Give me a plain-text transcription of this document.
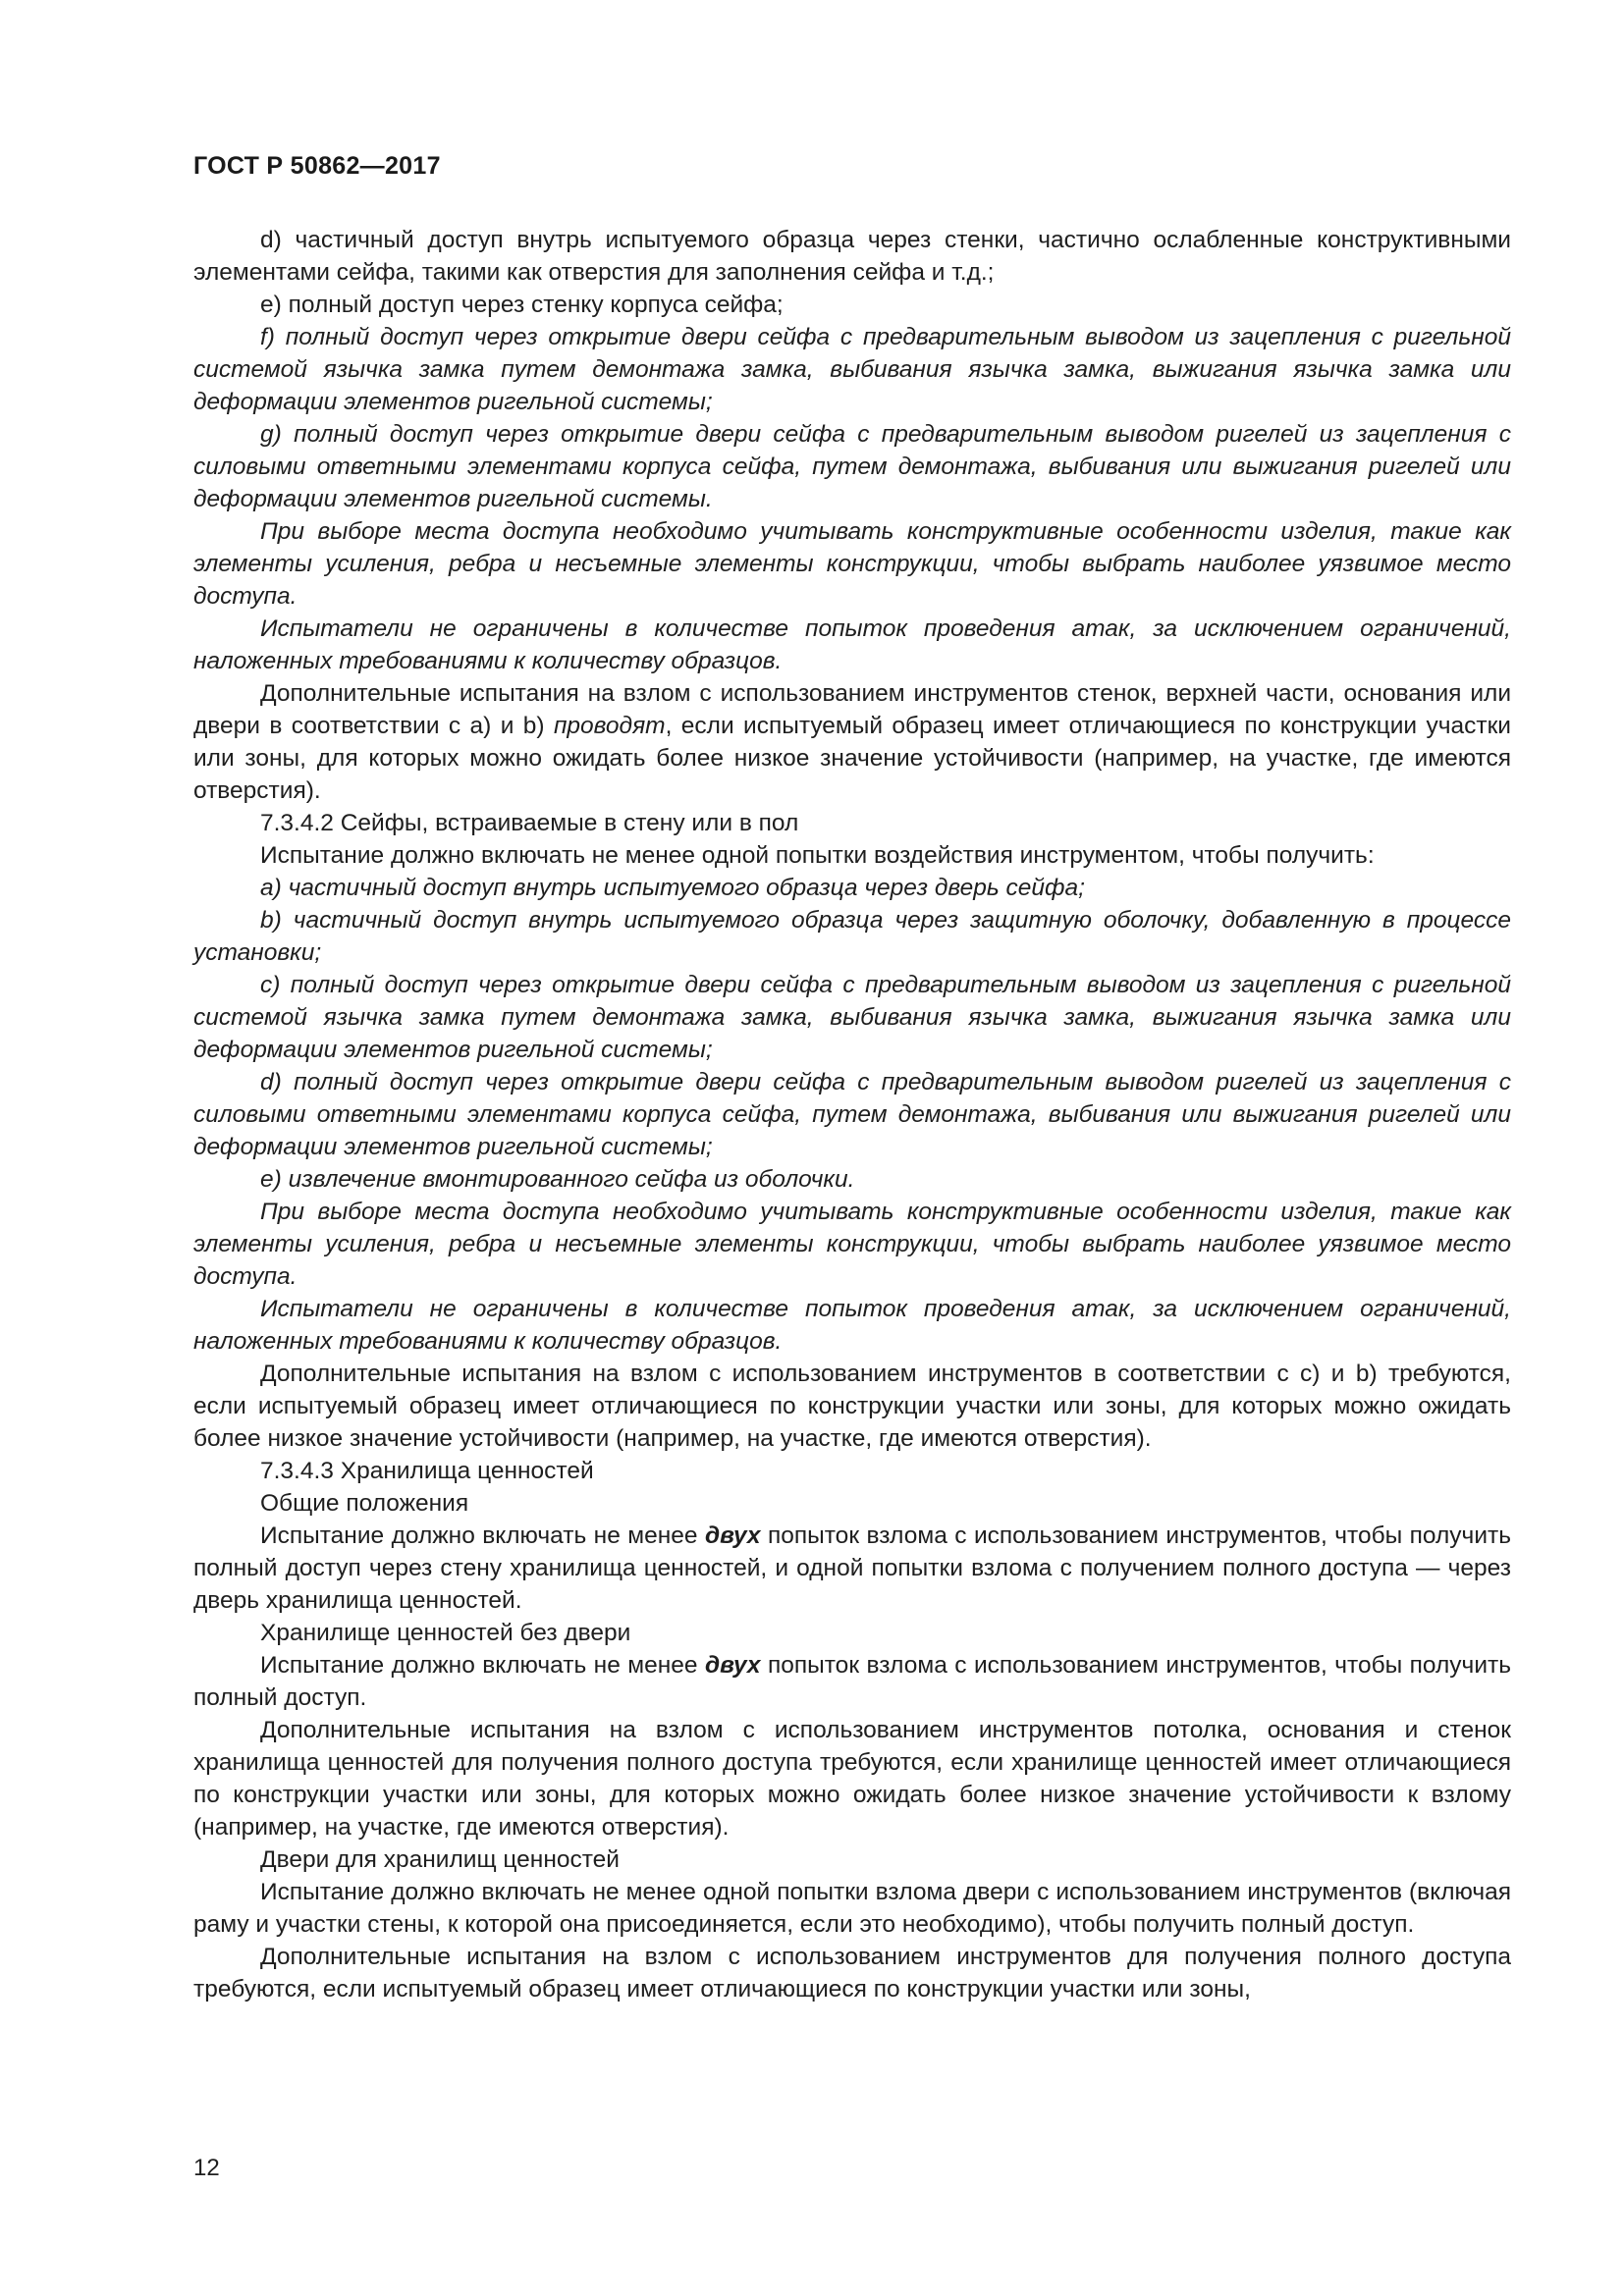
ГОСТ Р 50862—2017

d) частичный доступ внутрь испытуемого образца через стенки, частично ослабленные конструктивными элементами сейфа, такими как отверстия для заполнения сейфа и т.д.;

е) полный доступ через стенку корпуса сейфа;

f) полный доступ через открытие двери сейфа с предварительным выводом из зацепления с ригельной системой язычка замка путем демонтажа замка, выбивания язычка замка, выжигания язычка замка или деформации элементов ригельной системы;

g) полный доступ через открытие двери сейфа с предварительным выводом ригелей из зацепления с силовыми ответными элементами корпуса сейфа, путем демонтажа, выбивания или выжигания ригелей или деформации элементов ригельной системы.

При выборе места доступа необходимо учитывать конструктивные особенности изделия, такие как элементы усиления, ребра и несъемные элементы конструкции, чтобы выбрать наиболее уязвимое место доступа.

Испытатели не ограничены в количестве попыток проведения атак, за исключением ограничений, наложенных требованиями к количеству образцов.

Дополнительные испытания на взлом с использованием инструментов стенок, верхней части, основания или двери в соответствии с а) и b) проводят, если испытуемый образец имеет отличающиеся по конструкции участки или зоны, для которых можно ожидать более низкое значение устойчивости (например, на участке, где имеются отверстия).

7.3.4.2 Сейфы, встраиваемые в стену или в пол

Испытание должно включать не менее одной попытки воздействия инструментом, чтобы получить:

а) частичный доступ внутрь испытуемого образца через дверь сейфа;

b) частичный доступ внутрь испытуемого образца через защитную оболочку, добавленную в процессе установки;

с) полный доступ через открытие двери сейфа с предварительным выводом из зацепления с ригельной системой язычка замка путем демонтажа замка, выбивания язычка замка, выжигания язычка замка или деформации элементов ригельной системы;

d) полный доступ через открытие двери сейфа с предварительным выводом ригелей из зацепления с силовыми ответными элементами корпуса сейфа, путем демонтажа, выбивания или выжигания ригелей или деформации элементов ригельной системы;

е) извлечение вмонтированного сейфа из оболочки.

При выборе места доступа необходимо учитывать конструктивные особенности изделия, такие как элементы усиления, ребра и несъемные элементы конструкции, чтобы выбрать наиболее уязвимое место доступа.

Испытатели не ограничены в количестве попыток проведения атак, за исключением ограничений, наложенных требованиями к количеству образцов.

Дополнительные испытания на взлом с использованием инструментов в соответствии с с) и b) требуются, если испытуемый образец имеет отличающиеся по конструкции участки или зоны, для которых можно ожидать более низкое значение устойчивости (например, на участке, где имеются отверстия).

7.3.4.3 Хранилища ценностей

Общие положения

Испытание должно включать не менее двух попыток взлома с использованием инструментов, чтобы получить полный доступ через стену хранилища ценностей, и одной попытки взлома с получением полного доступа — через дверь хранилища ценностей.

Хранилище ценностей без двери

Испытание должно включать не менее двух попыток взлома с использованием инструментов, чтобы получить полный доступ.

Дополнительные испытания на взлом с использованием инструментов потолка, основания и стенок хранилища ценностей для получения полного доступа требуются, если хранилище ценностей имеет отличающиеся по конструкции участки или зоны, для которых можно ожидать более низкое значение устойчивости к взлому (например, на участке, где имеются отверстия).

Двери для хранилищ ценностей

Испытание должно включать не менее одной попытки взлома двери с использованием инструментов (включая раму и участки стены, к которой она присоединяется, если это необходимо), чтобы получить полный доступ.

Дополнительные испытания на взлом с использованием инструментов для получения полного доступа требуются, если испытуемый образец имеет отличающиеся по конструкции участки или зоны,

12
